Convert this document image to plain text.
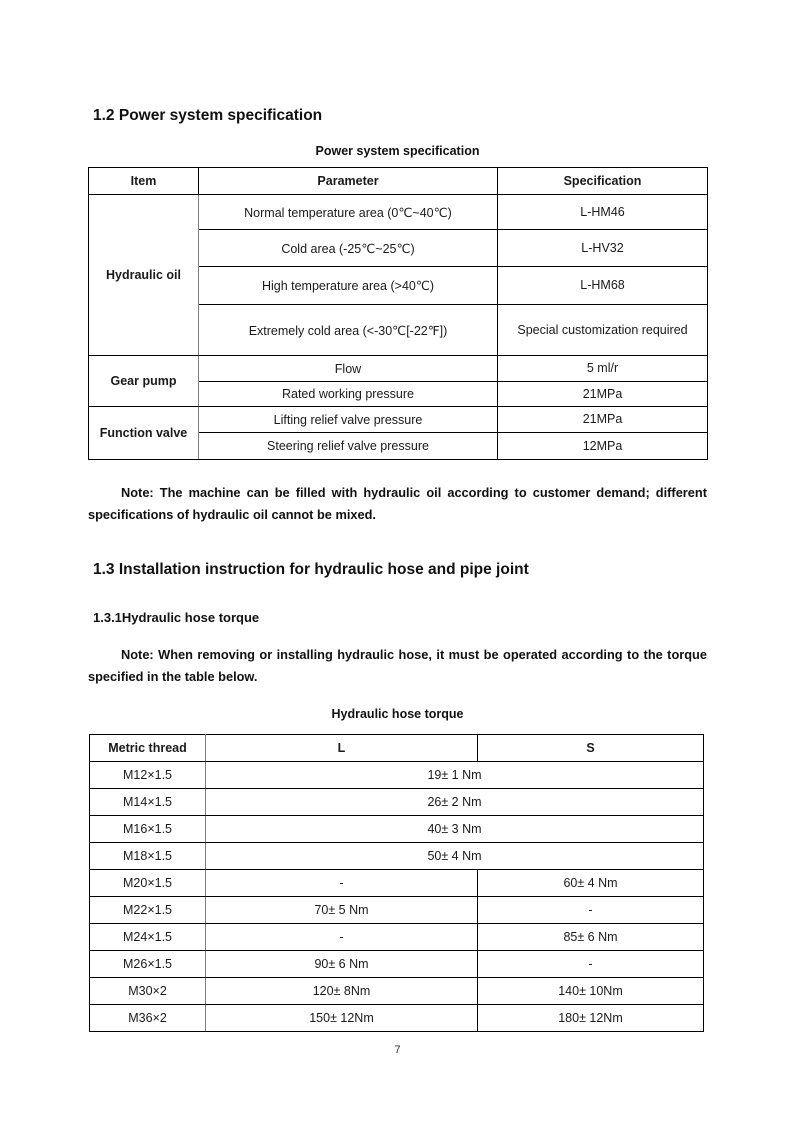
1.2 Power system specification
Power system specification
Item	Parameter	Specification
Hydraulic oil	Normal temperature area (0℃~40℃)	L-HM46
	Cold area (-25℃~25℃)	L-HV32
	High temperature area (>40℃)	L-HM68
	Extremely cold area (<-30℃[-22℉])	Special customization required
Gear pump	Flow	5 ml/r
	Rated working pressure	21MPa
Function valve	Lifting relief valve pressure	21MPa
	Steering relief valve pressure	12MPa

Note: The machine can be filled with hydraulic oil according to customer demand; different specifications of hydraulic oil cannot be mixed.

1.3 Installation instruction for hydraulic hose and pipe joint
1.3.1Hydraulic hose torque

Note: When removing or installing hydraulic hose, it must be operated according to the torque specified in the table below.

Hydraulic hose torque
Metric thread	L	S
M12×1.5	19± 1 Nm	
M14×1.5	26± 2 Nm	
M16×1.5	40± 3 Nm	
M18×1.5	50± 4 Nm	
M20×1.5	-	60± 4 Nm
M22×1.5	70± 5 Nm	-
M24×1.5	-	85± 6 Nm
M26×1.5	90± 6 Nm	-
M30×2	120± 8Nm	140± 10Nm
M36×2	150± 12Nm	180± 12Nm
7
